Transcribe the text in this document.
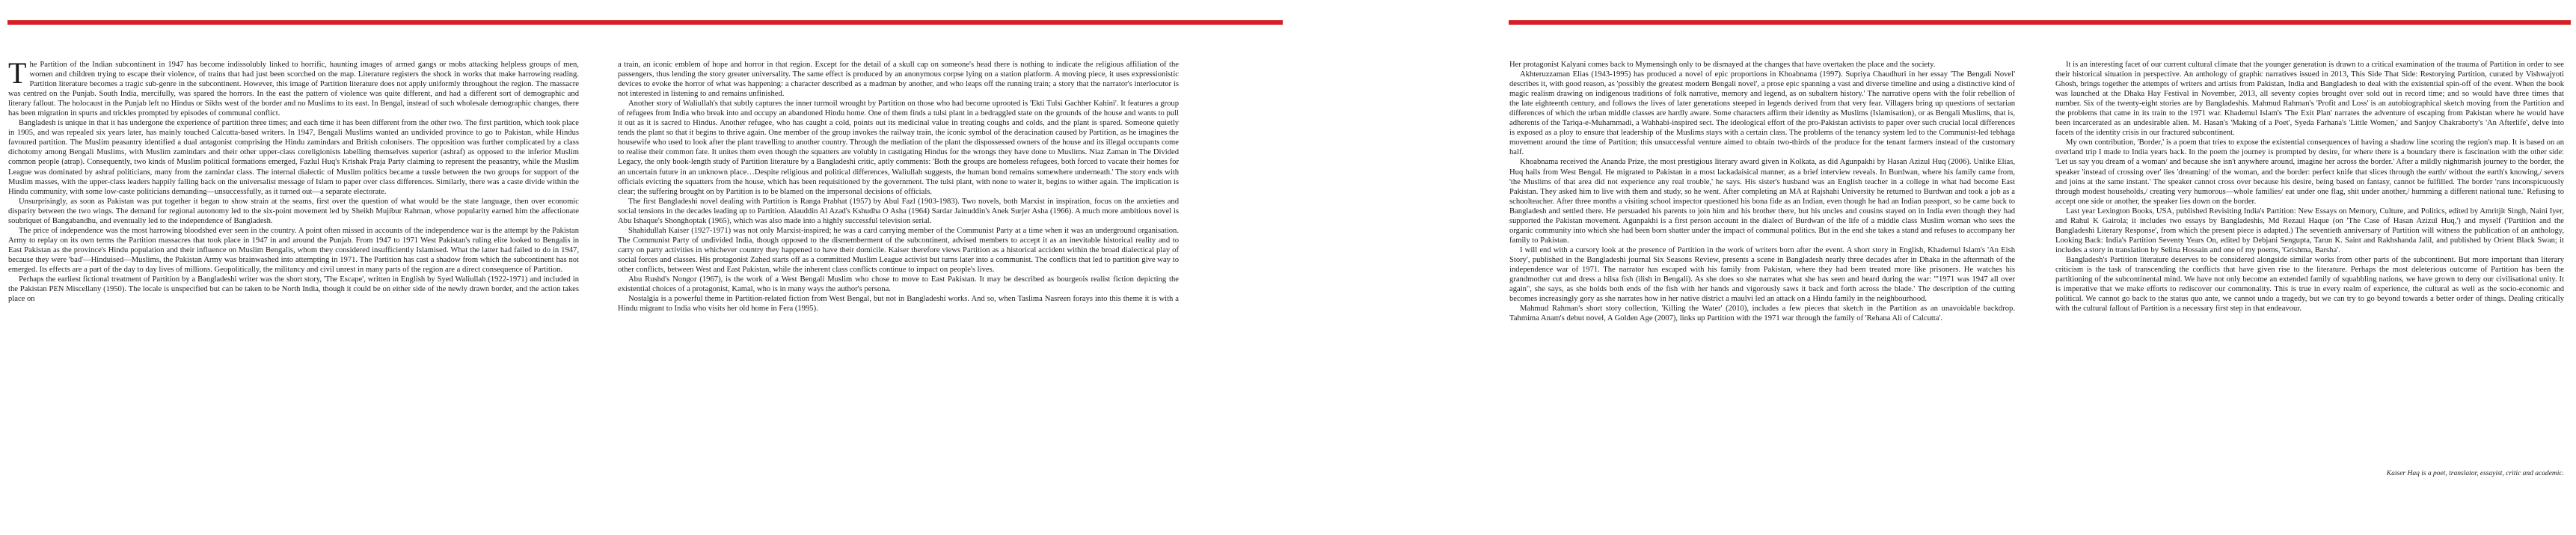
The Partition of the Indian subcontinent in 1947 has become indissolubly linked to horrific, haunting images of armed gangs or mobs attacking helpless groups of men, women and children trying to escape their violence, of trains that had just been scorched on the map. Literature registers the shock in works that make harrowing reading. Partition literature becomes a tragic sub-genre in the subcontinent. However, this image of Partition literature does not apply uniformly throughout the region. The massacre was centred on the Punjab. South India, mercifully, was spared the horrors. In the east the pattern of violence was quite different, and had a different sort of demographic and literary fallout. The holocaust in the Punjab left no Hindus or Sikhs west of the border and no Muslims to its east. In Bengal, instead of such wholesale demographic changes, there has been migration in spurts and trickles prompted by episodes of communal conflict.

Bangladesh is unique in that it has undergone the experience of partition three times; and each time it has been different from the other two. The first partition, which took place in 1905, and was repealed six years later, has mainly touched Calcutta-based writers. In 1947, Bengali Muslims wanted an undivided province to go to Pakistan, while Hindus favoured partition. The Muslim peasantry identified a dual antagonist comprising the Hindu zamindars and British colonisers. The opposition was further complicated by a class dichotomy among Bengali Muslims, with Muslim zamindars and their other upper-class coreligionists labelling themselves superior (ashraf) as opposed to the inferior Muslim common people (atrap). Consequently, two kinds of Muslim political formations emerged, Fazlul Huq's Krishak Praja Party claiming to represent the peasantry, while the Muslim League was dominated by ashraf politicians, many from the zamindar class. The internal dialectic of Muslim politics became a tussle between the two groups for support of the Muslim masses, with the upper-class leaders happily falling back on the universalist message of Islam to paper over class differences. Similarly, there was a caste divide within the Hindu community, with some low-caste politicians demanding—unsuccessfully, as it turned out—a separate electorate.

Unsurprisingly, as soon as Pakistan was put together it began to show strain at the seams, first over the question of what would be the state language, then over economic disparity between the two wings. The demand for regional autonomy led to the six-point movement led by Sheikh Mujibur Rahman, whose popularity earned him the affectionate soubriquet of Bangabandhu, and eventually led to the independence of Bangladesh.

The price of independence was the most harrowing bloodshed ever seen in the country. A point often missed in accounts of the independence war is the attempt by the Pakistan Army to replay on its own terms the Partition massacres that took place in 1947 in and around the Punjab. From 1947 to 1971 West Pakistan's ruling elite looked to Bengalis in East Pakistan as the province's Hindu population and their influence on Muslim Bengalis, whom they considered insufficiently Islamised. What the latter had failed to do in 1947, because they were 'bad'—Hinduised—Muslims, the Pakistan Army was brainwashed into attempting in 1971. The Partition has cast a shadow from which the subcontinent has not emerged. Its effects are a part of the day to day lives of millions. Geopolitically, the militancy and civil unrest in many parts of the region are a direct consequence of Partition.

Perhaps the earliest fictional treatment of Partition by a Bangladeshi writer was the short story, 'The Escape', written in English by Syed Waliullah (1922-1971) and included in the Pakistan PEN Miscellany (1950). The locale is unspecified but can be taken to be North India, though it could be on either side of the newly drawn border, and the action takes place on

a train, an iconic emblem of hope and horror in that region. Except for the detail of a skull cap on someone's head there is nothing to indicate the religious affiliation of the passengers, thus lending the story greater universality. The same effect is produced by an anonymous corpse lying on a station platform. A moving piece, it uses expressionistic devices to evoke the horror of what was happening: a character described as a madman by another, and who leaps off the running train; a story that the narrator's interlocutor is not interested in listening to and remains unfinished.

Another story of Waliullah's that subtly captures the inner turmoil wrought by Partition on those who had become uprooted is 'Ekti Tulsi Gachher Kahini'. It features a group of refugees from India who break into and occupy an abandoned Hindu home. One of them finds a tulsi plant in a bedraggled state on the grounds of the house and wants to pull it out as it is sacred to Hindus. Another refugee, who has caught a cold, points out its medicinal value in treating coughs and colds, and the plant is spared. Someone quietly tends the plant so that it begins to thrive again. One member of the group invokes the railway train, the iconic symbol of the deracination caused by Partition, as he imagines the housewife who used to look after the plant travelling to another country. Through the mediation of the plant the dispossessed owners of the house and its illegal occupants come to realise their common fate. It unites them even though the squatters are volubly in castigating Hindus for the wrongs they have done to Muslims. Niaz Zaman in The Divided Legacy, the only book-length study of Partition literature by a Bangladeshi critic, aptly comments: 'Both the groups are homeless refugees, both forced to vacate their homes for an uncertain future in an unknown place…Despite religious and political differences, Waliullah suggests, the human bond remains somewhere underneath.' The story ends with officials evicting the squatters from the house, which has been requisitioned by the government. The tulsi plant, with none to water it, begins to wither again. The implication is clear; the suffering brought on by Partition is to be blamed on the impersonal decisions of officials.

The first Bangladeshi novel dealing with Partition is Ranga Prabhat (1957) by Abul Fazl (1903-1983). Two novels, both Marxist in inspiration, focus on the anxieties and social tensions in the decades leading up to Partition. Alauddin Al Azad's Kshudha O Asha (1964) Sardar Jainuddin's Anek Surjer Asha (1966). A much more ambitious novel is Abu Ishaque's Shonghoptak (1965), which was also made into a highly successful television serial.

Shahidullah Kaiser (1927-1971) was not only Marxist-inspired; he was a card carrying member of the Communist Party at a time when it was an underground organisation. The Communist Party of undivided India, though opposed to the dismemberment of the subcontinent, advised members to accept it as an inevitable historical reality and to carry on party activities in whichever country they happened to have their domicile. Kaiser therefore views Partition as a historical accident within the broad dialectical play of social forces and classes. His protagonist Zahed starts off as a committed Muslim League activist but turns later into a communist. The conflicts that led to partition give way to other conflicts, between West and East Pakistan, while the inherent class conflicts continue to impact on people's lives.

Abu Rushd's Nongor (1967), is the work of a West Bengali Muslim who chose to move to East Pakistan. It may be described as bourgeois realist fiction depicting the existential choices of a protagonist, Kamal, who is in many ways the author's persona.

Nostalgia is a powerful theme in Partition-related fiction from West Bengal, but not in Bangladeshi works. And so, when Taslima Nasreen forays into this theme it is with a Hindu migrant to India who visits her old home in Fera (1995).

Her protagonist Kalyani comes back to Mymensingh only to be dismayed at the changes that have overtaken the place and the society.

Akhteruzzaman Elias (1943-1995) has produced a novel of epic proportions in Khoabnama (1997). Supriya Chaudhuri in her essay 'The Bengali Novel' describes it, with good reason, as 'possibly the greatest modern Bengali novel', a prose epic spanning a vast and diverse timeline and using a distinctive kind of magic realism drawing on indigenous traditions of folk narrative, memory and legend, as on subaltern history.' The narrative opens with the folir rebellion of the late eighteenth century, and follows the lives of later generations steeped in legends derived from that very fear. Villagers bring up questions of sectarian differences of which the urban middle classes are hardly aware. Some characters affirm their identity as Muslims (Islamisation), or as Bengali Muslims, that is, adherents of the Tariqa-e-Muhammadi, a Wahhabi-inspired sect. The ideological effort of the pro-Pakistan activists to paper over such crucial local differences is exposed as a ploy to ensure that leadership of the Muslims stays with a certain class. The problems of the tenancy system led to the Communist-led tebhaga movement around the time of Partition; this unsuccessful venture aimed to obtain two-thirds of the produce for the tenant farmers instead of the customary half.

Khoabnama received the Ananda Prize, the most prestigious literary award given in Kolkata, as did Agunpakhi by Hasan Azizul Huq (2006). Unlike Elias, Huq hails from West Bengal. He migrated to Pakistan in a most lackadaisical manner, as a brief interview reveals. In Burdwan, where his family came from, 'the Muslims of that area did not experience any real trouble,' he says. His sister's husband was an English teacher in a college in what had become East Pakistan. They asked him to live with them and study, so he went. After completing an MA at Rajshahi University he returned to Burdwan and took a job as a schoolteacher. After three months a visiting school inspector questioned his bona fide as an Indian, even though he had an Indian passport, so he came back to Bangladesh and settled there. He persuaded his parents to join him and his brother there, but his uncles and cousins stayed on in India even though they had supported the Pakistan movement. Agunpakhi is a first person account in the dialect of Burdwan of the life of a middle class Muslim woman who sees the organic community into which she had been born shatter under the impact of communal politics. But in the end she takes a stand and refuses to accompany her family to Pakistan.

I will end with a cursory look at the presence of Partition in the work of writers born after the event. A short story in English, Khademul Islam's 'An Eish Story', published in the Bangladeshi journal Six Seasons Review, presents a scene in Bangladesh nearly three decades after in Dhaka in the aftermath of the independence war of 1971. The narrator has escaped with his family from Pakistan, where they had been treated more like prisoners. He watches his grandmother cut and dress a hilsa fish (ilish in Bengali). As she does so she narrates what she has seen and heard during the war: '"1971 was 1947 all over again", she says, as she holds both ends of the fish with her hands and vigorously saws it back and forth across the blade.' The description of the cutting becomes increasingly gory as she narrates how in her native district a maulvi led an attack on a Hindu family in the neighbourhood.

Mahmud Rahman's short story collection, 'Killing the Water' (2010), includes a few pieces that sketch in the Partition as an unavoidable backdrop. Tahmima Anam's debut novel, A Golden Age (2007), links up Partition with the 1971 war through the family of 'Rehana Ali of Calcutta'.

It is an interesting facet of our current cultural climate that the younger generation is drawn to a critical examination of the trauma of Partition in order to see their historical situation in perspective. An anthology of graphic narratives issued in 2013, This Side That Side: Restorying Partition, curated by Vishwajyoti Ghosh, brings together the attempts of writers and artists from Pakistan, India and Bangladesh to deal with the existential spin-off of the event. When the book was launched at the Dhaka Hay Festival in November, 2013, all seventy copies brought over sold out in record time; and so would have three times that number. Six of the twenty-eight stories are by Bangladeshis. Mahmud Rahman's 'Profit and Loss' is an autobiographical sketch moving from the Partition and the problems that came in its train to the 1971 war. Khademul Islam's 'The Exit Plan' narrates the adventure of escaping from Pakistan where he would have been incarcerated as an undesirable alien. M. Hasan's 'Making of a Poet', Syeda Farhana's 'Little Women,' and Sanjoy Chakraborty's 'An Afterlife', delve into facets of the identity crisis in our fractured subcontinent.

My own contribution, 'Border,' is a poem that tries to expose the existential consequences of having a shadow line scoring the region's map. It is based on an overland trip I made to India years back. In the poem the journey is prompted by desire, for where there is a boundary there is fascination with the other side: 'Let us say you dream of a woman/ and because she isn't anywhere around, imagine her across the border.' After a mildly nightmarish journey to the border, the speaker 'instead of crossing over' lies 'dreaming/ of the woman, and the border: perfect knife that slices through the earth/ without the earth's knowing,/ severs and joins at the same instant.' The speaker cannot cross over because his desire, being based on fantasy, cannot be fulfilled. The border 'runs inconspicuously through modest households,/ creating very humorous—whole families/ eat under one flag, shit under another,/ humming a different national tune.' Refusing to accept one side or another, the speaker lies down on the border.

Last year Lexington Books, USA, published Revisiting India's Partition: New Essays on Memory, Culture, and Politics, edited by Amritjit Singh, Naini Iyer, and Rahul K Gairola; it includes two essays by Bangladeshis, Md Rezaul Haque (on 'The Case of Hasan Azizul Huq,') and myself ('Partition and the Bangladeshi Literary Response', from which the present piece is adapted.) The seventieth anniversary of Partition will witness the publication of an anthology, Looking Back: India's Partition Seventy Years On, edited by Debjani Sengupta, Tarun K. Saint and Rakhshanda Jalil, and published by Orient Black Swan; it includes a story in translation by Selina Hossain and one of my poems, 'Grishma, Barsha'.

Bangladesh's Partition literature deserves to be considered alongside similar works from other parts of the subcontinent. But more important than literary criticism is the task of transcending the conflicts that have given rise to the literature. Perhaps the most deleterious outcome of Partition has been the partitioning of the subcontinental mind. We have not only become an extended family of squabbling nations, we have grown to deny our civilisational unity. It is imperative that we make efforts to rediscover our commonality. This is true in every realm of experience, the cultural as well as the socio-economic and political. We cannot go back to the status quo ante, we cannot undo a tragedy, but we can try to go beyond towards a better order of things. Dealing critically with the cultural fallout of Partition is a necessary first step in that endeavour.

Kaiser Haq is a poet, translator, essayist, critic and academic.
